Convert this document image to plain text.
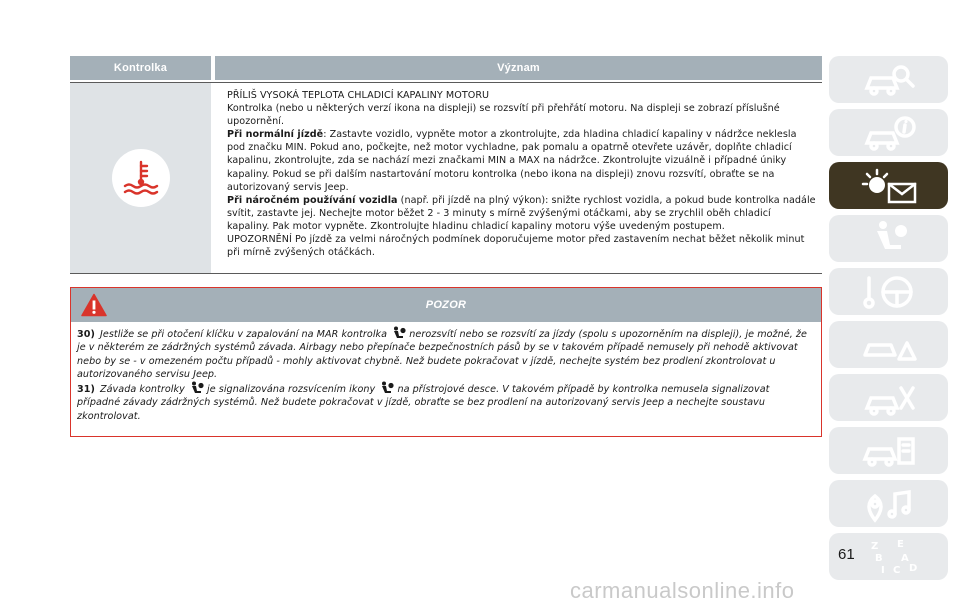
Kontrolka	Význam

PŘÍLIŠ VYSOKÁ TEPLOTA CHLADICÍ KAPALINY MOTORU

Kontrolka (nebo u některých verzí ikona na displeji) se rozsvítí při přehřátí motoru. Na displeji se zobrazí příslušné upozornění.

Při normální jízdě: Zastavte vozidlo, vypněte motor a zkontrolujte, zda hladina chladicí kapaliny v nádržce neklesla pod značku MIN. Pokud ano, počkejte, než motor vychladne, pak pomalu a opatrně otevřete uzávěr, doplňte chladicí kapalinu, zkontrolujte, zda se nachází mezi značkami MIN a MAX na nádržce. Zkontrolujte vizuálně i případné úniky kapaliny. Pokud se při dalším nastartování motoru kontrolka (nebo ikona na displeji) znovu rozsvítí, obraťte se na autorizovaný servis Jeep.

Při náročném používání vozidla (např. při jízdě na plný výkon): snižte rychlost vozidla, a pokud bude kontrolka nadále svítit, zastavte jej. Nechejte motor běžet 2 - 3 minuty s mírně zvýšenými otáčkami, aby se zrychlil oběh chladicí kapaliny. Pak motor vypněte. Zkontrolujte hladinu chladicí kapaliny motoru výše uvedeným postupem.

UPOZORNĚNÍ Po jízdě za velmi náročných podmínek doporučujeme motor před zastavením nechat běžet několik minut při mírně zvýšených otáčkách.

POZOR

30) Jestliže se při otočení klíčku v zapalování na MAR kontrolka nerozsvítí nebo se rozsvítí za jízdy (spolu s upozorněním na displeji), je možné, že je v některém ze zádržných systémů závada. Airbagy nebo přepínače bezpečnostních pásů by se v takovém případě nemusely při nehodě aktivovat nebo by se - v omezeném počtu případů - mohly aktivovat chybně. Než budete pokračovat v jízdě, nechejte systém bez prodlení zkontrolovat u autorizovaného servisu Jeep.

31) Závada kontrolky je signalizována rozsvícením ikony na přístrojové desce. V takovém případě by kontrolka nemusela signalizovat případné závady zádržných systémů. Než budete pokračovat v jízdě, obraťte se bez prodlení na autorizovaný servis Jeep a nechejte soustavu zkontrolovat.

Z E
B A
I C D
61
carmanualsonline.info
